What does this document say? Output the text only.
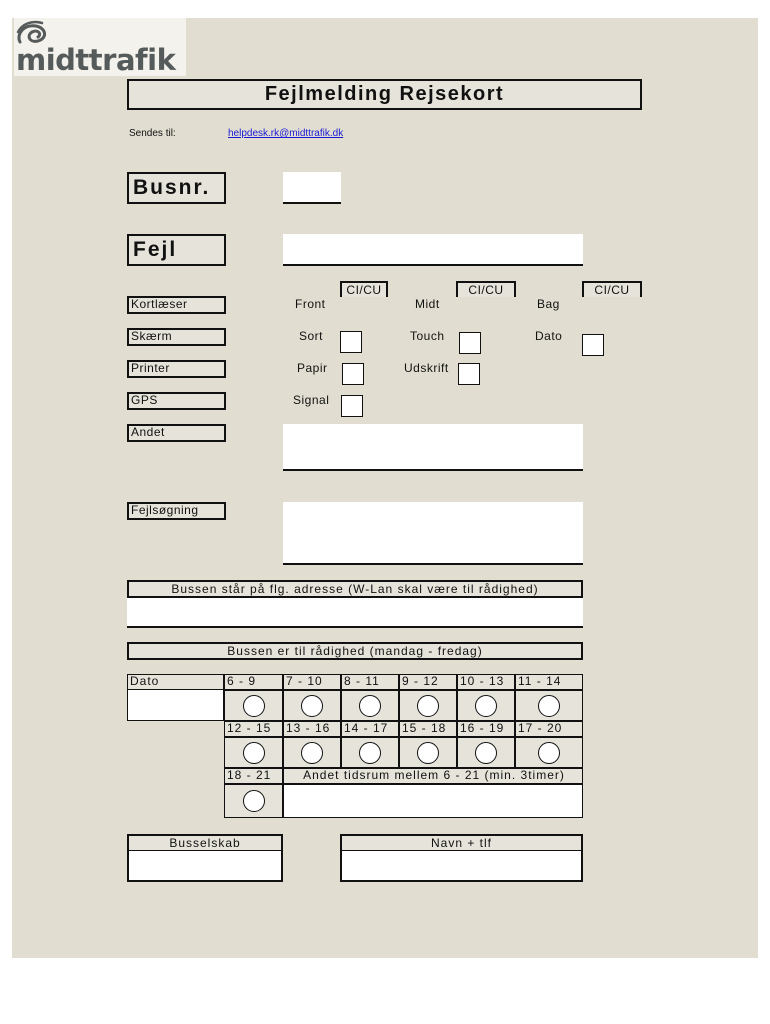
midttrafik
Fejlmelding Rejsekort
Sendes til:	helpdesk.rk@midttrafik.dk
Busnr.
Fejl
CI/CU	CI/CU	CI/CU
Kortlæser	Front	Midt	Bag
Skærm	Sort	Touch	Dato
Printer	Papir	Udskrift
GPS	Signal
Andet
Fejlsøgning
Bussen står på flg. adresse (W-Lan skal være til rådighed)
Bussen er til rådighed (mandag - fredag)
Dato	6 - 9	7 - 10	8 - 11	9 - 12	10 - 13	11 - 14
12 - 15	13 - 16	14 - 17	15 - 18	16 - 19	17 - 20
18 - 21	Andet tidsrum mellem 6 - 21 (min. 3timer)
Busselskab	Navn + tlf
